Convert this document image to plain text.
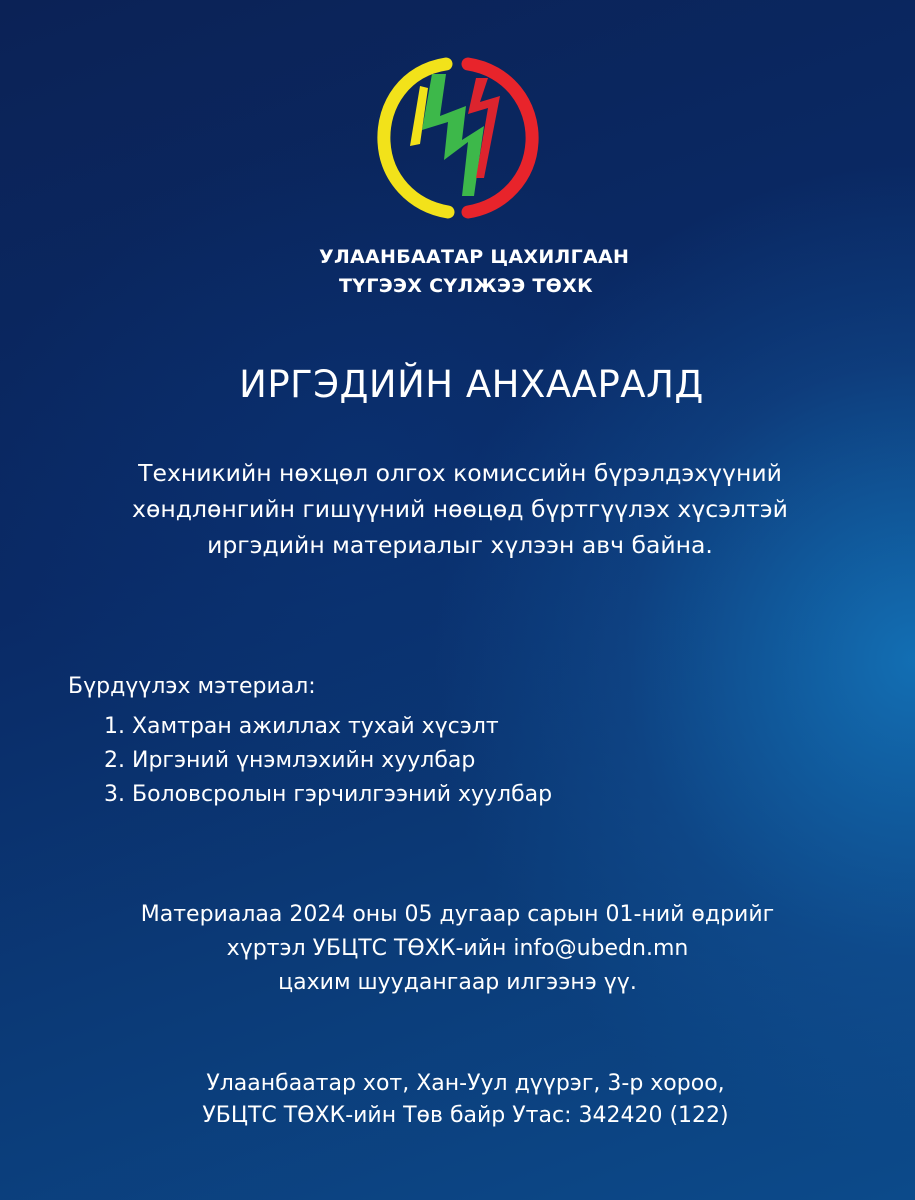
УЛААНБААТАР ЦАХИЛГААН
ТҮГЭЭХ СҮЛЖЭЭ ТӨХК
ИРГЭДИЙН АНХААРАЛД
Техникийн нөхцөл олгох комиссийн бүрэлдэхүүний
хөндлөнгийн гишүүний нөөцөд бүртгүүлэх хүсэлтэй
иргэдийн материалыг хүлээн авч байна.
Бүрдүүлэх мэтериал:
1. Хамтран ажиллах тухай хүсэлт
2. Иргэний үнэмлэхийн хуулбар
3. Боловсролын гэрчилгээний хуулбар
Материалаа 2024 оны 05 дугаар сарын 01-ний өдрийг
хүртэл УБЦТС ТӨХК-ийн info@ubedn.mn
цахим шуудангаар илгээнэ үү.
Улаанбаатар хот, Хан-Уул дүүрэг, 3-р хороо,
УБЦТС ТӨХК-ийн Төв байр Утас: 342420 (122)
